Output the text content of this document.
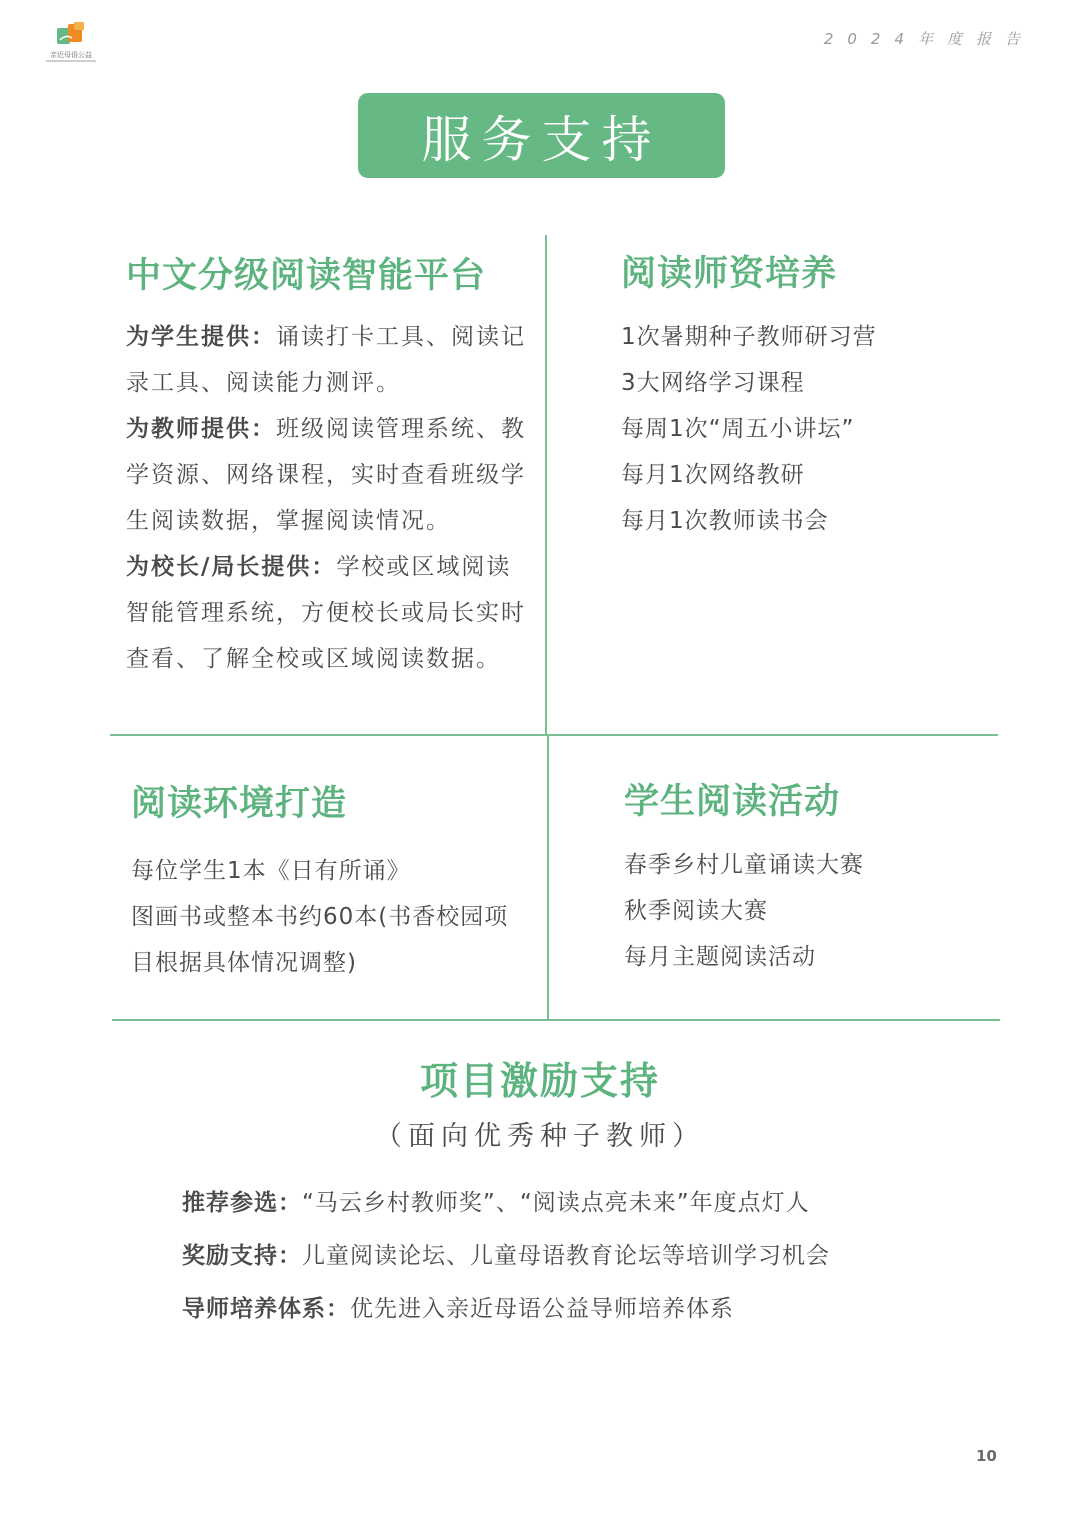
亲近母语公益
2024年度报告
服务支持
中文分级阅读智能平台
为学生提供：诵读打卡工具、阅读记录工具、阅读能力测评。
为教师提供：班级阅读管理系统、教学资源、网络课程，实时查看班级学生阅读数据，掌握阅读情况。
为校长/局长提供：学校或区域阅读智能管理系统，方便校长或局长实时查看、了解全校或区域阅读数据。
阅读师资培养
1次暑期种子教师研习营
3大网络学习课程
每周1次“周五小讲坛”
每月1次网络教研
每月1次教师读书会
阅读环境打造
每位学生1本《日有所诵》
图画书或整本书约60本(书香校园项
目根据具体情况调整)
学生阅读活动
春季乡村儿童诵读大赛
秋季阅读大赛
每月主题阅读活动
项目激励支持
（面向优秀种子教师）
推荐参选：“马云乡村教师奖”、“阅读点亮未来”年度点灯人
奖励支持：儿童阅读论坛、儿童母语教育论坛等培训学习机会
导师培养体系：优先进入亲近母语公益导师培养体系
10
